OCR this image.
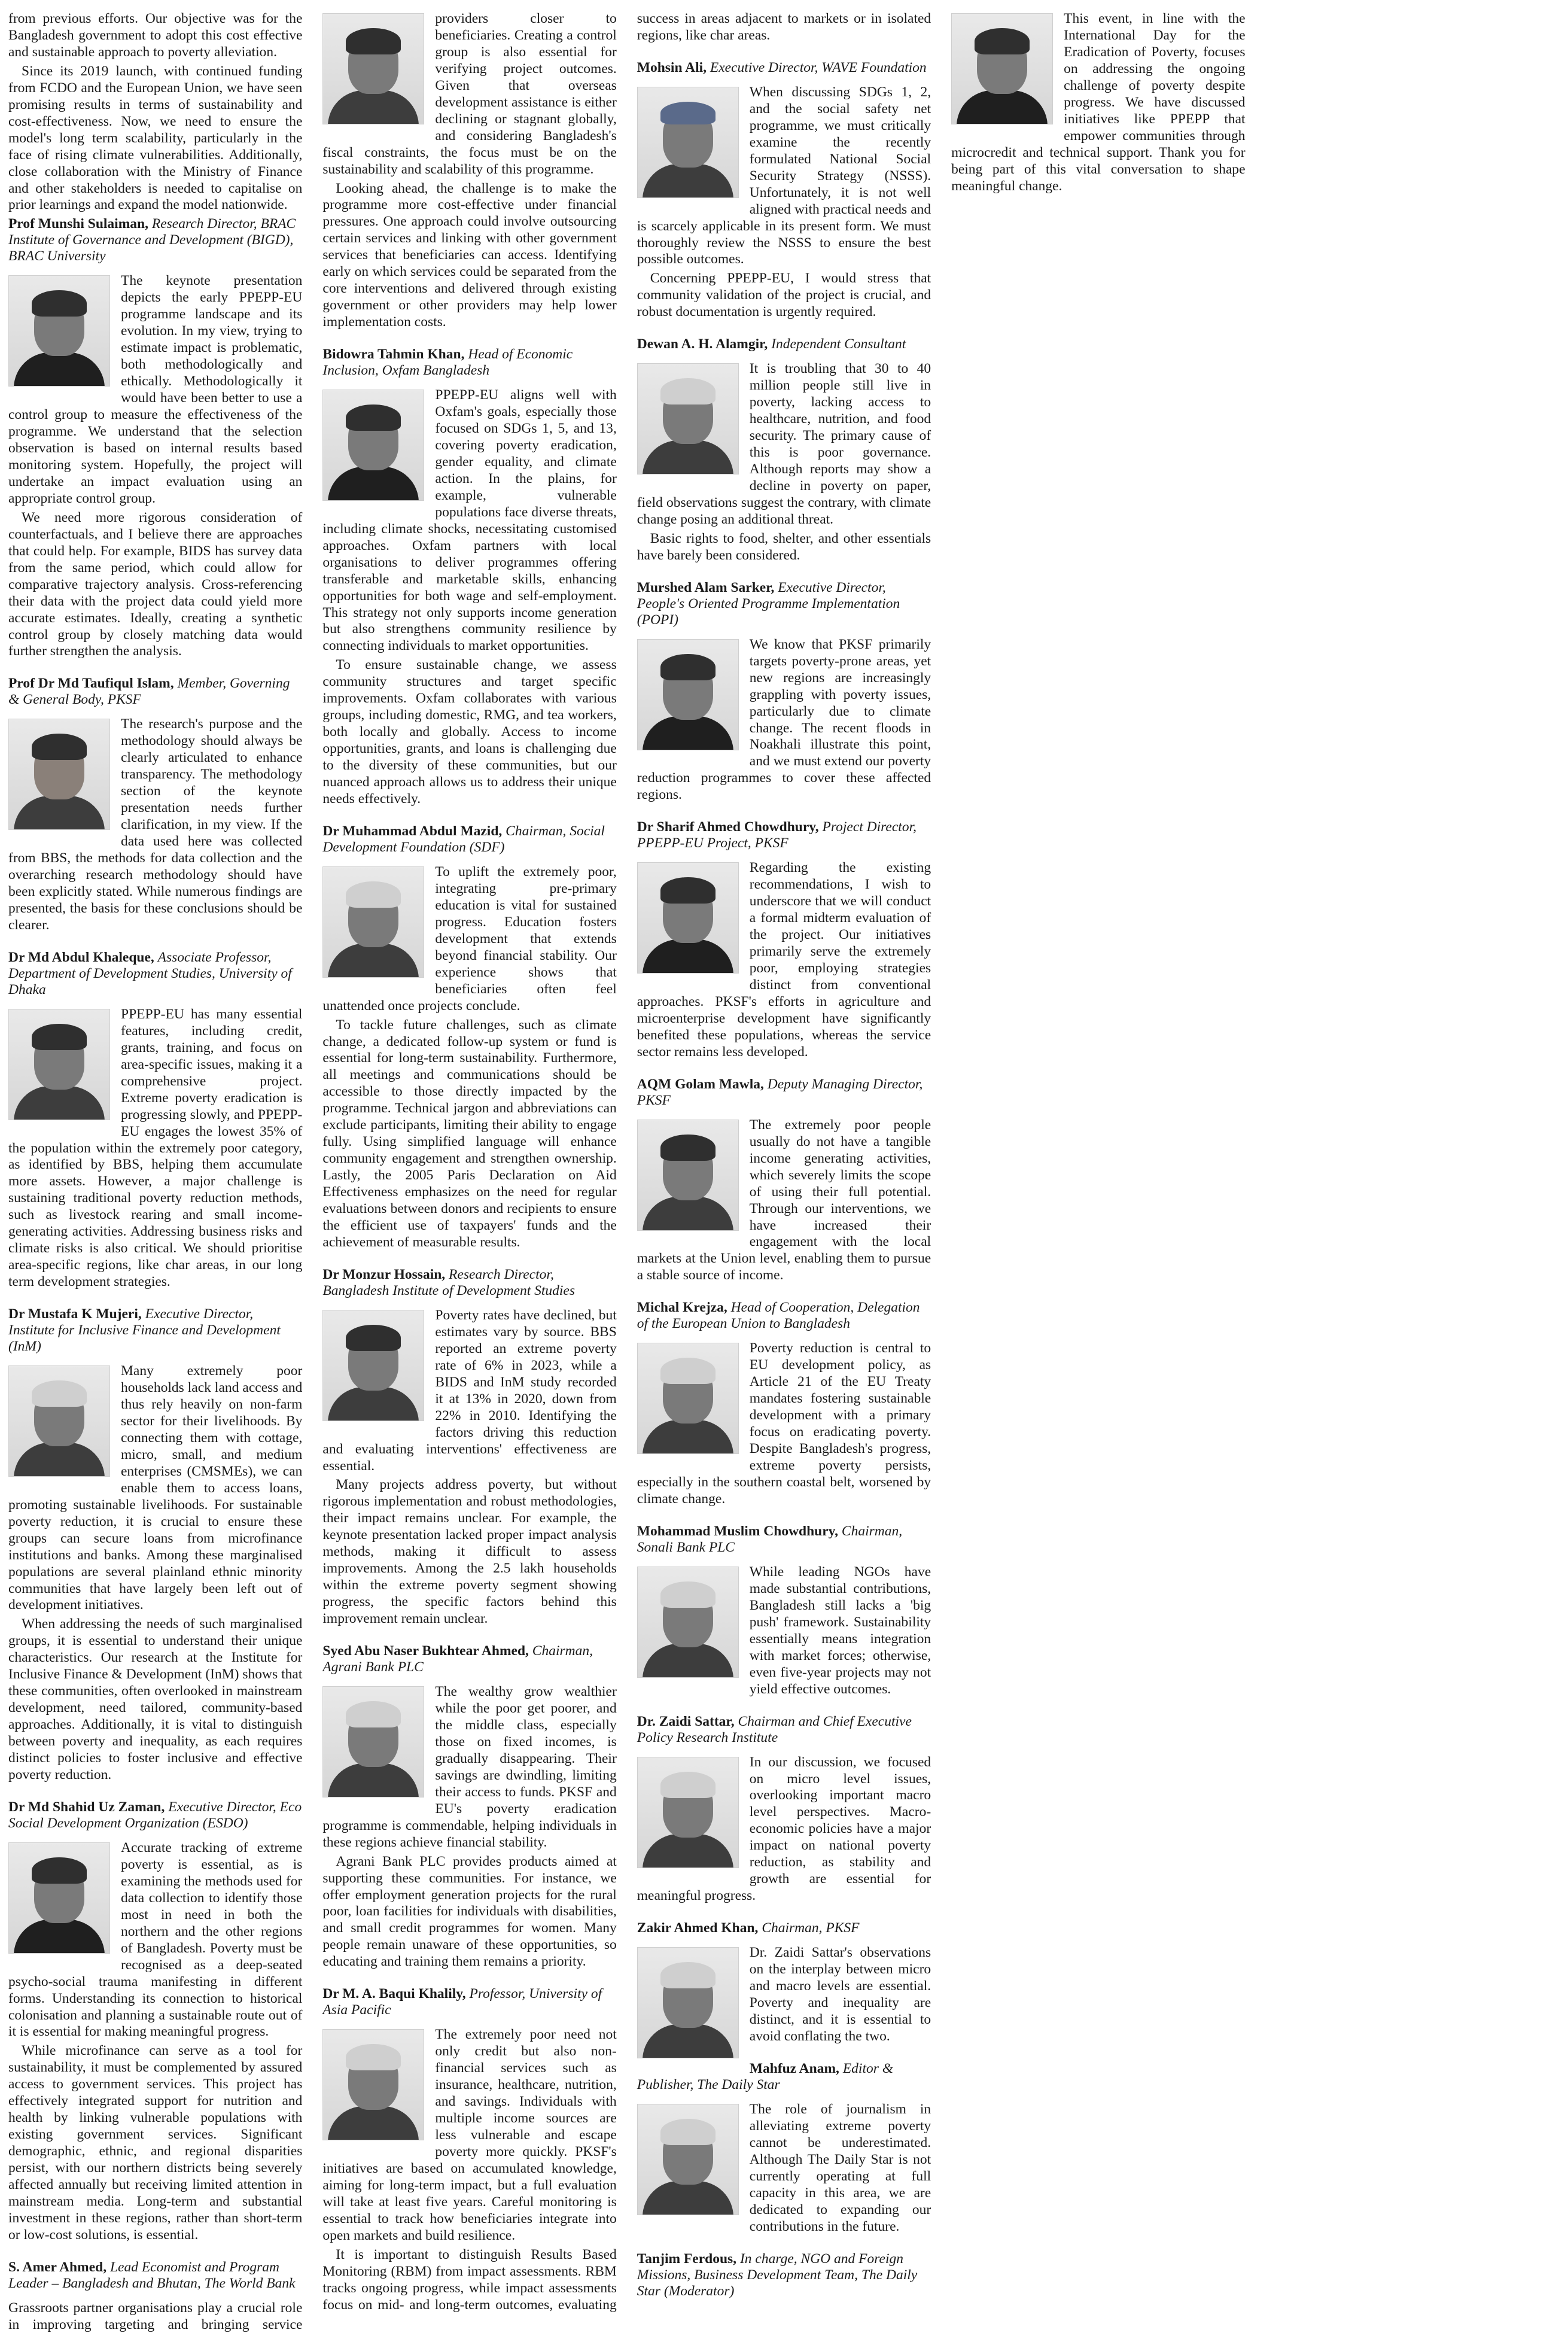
from previous efforts. Our objective was for the Bangladesh government to adopt this cost effective and sustainable approach to poverty alleviation.

Since its 2019 launch, with continued funding from FCDO and the European Union, we have seen promising results in terms of sustainability and cost-effectiveness. Now, we need to ensure the model's long term scalability, particularly in the face of rising climate vulnerabilities. Additionally, close collaboration with the Ministry of Finance and other stakeholders is needed to capitalise on prior learnings and expand the model nationwide.

Prof Munshi Sulaiman, Research Director, BRAC Institute of Governance and Development (BIGD), BRAC University

The keynote presentation depicts the early PPEPP-EU programme landscape and its evolution. In my view, trying to estimate impact is problematic, both methodologically and ethically. Methodologically it would have been better to use a control group to measure the effectiveness of the programme. We understand that the selection observation is based on internal results based monitoring system. Hopefully, the project will undertake an impact evaluation using an appropriate control group.

We need more rigorous consideration of counterfactuals, and I believe there are approaches that could help. For example, BIDS has survey data from the same period, which could allow for comparative trajectory analysis. Cross-referencing their data with the project data could yield more accurate estimates. Ideally, creating a synthetic control group by closely matching data would further strengthen the analysis.

Prof Dr Md Taufiqul Islam, Member, Governing & General Body, PKSF

The research's purpose and the methodology should always be clearly articulated to enhance transparency. The methodology section of the keynote presentation needs further clarification, in my view. If the data used here was collected from BBS, the methods for data collection and the overarching research methodology should have been explicitly stated. While numerous findings are presented, the basis for these conclusions should be clearer.

Dr Md Abdul Khaleque, Associate Professor, Department of Development Studies, University of Dhaka

PPEPP-EU has many essential features, including credit, grants, training, and focus on area-specific issues, making it a comprehensive project. Extreme poverty eradication is progressing slowly, and PPEPP-EU engages the lowest 35% of the population within the extremely poor category, as identified by BBS, helping them accumulate more assets. However, a major challenge is sustaining traditional poverty reduction methods, such as livestock rearing and small income-generating activities. Addressing business risks and climate risks is also critical. We should prioritise area-specific regions, like char areas, in our long term development strategies.

Dr Mustafa K Mujeri, Executive Director, Institute for Inclusive Finance and Development (InM)

Many extremely poor households lack land access and thus rely heavily on non-farm sector for their livelihoods. By connecting them with cottage, micro, small, and medium enterprises (CMSMEs), we can enable them to access loans, promoting sustainable livelihoods. For sustainable poverty reduction, it is crucial to ensure these groups can secure loans from microfinance institutions and banks. Among these marginalised populations are several plainland ethnic minority communities that have largely been left out of development initiatives.

When addressing the needs of such marginalised groups, it is essential to understand their unique characteristics. Our research at the Institute for Inclusive Finance & Development (InM) shows that these communities, often overlooked in mainstream development, need tailored, community-based approaches. Additionally, it is vital to distinguish between poverty and inequality, as each requires distinct policies to foster inclusive and effective poverty reduction.

Dr Md Shahid Uz Zaman, Executive Director, Eco Social Development Organization (ESDO)

Accurate tracking of extreme poverty is essential, as is examining the methods used for data collection to identify those most in need in both the northern and the other regions of Bangladesh. Poverty must be recognised as a deep-seated psycho-social trauma manifesting in different forms. Understanding its connection to historical colonisation and planning a sustainable route out of it is essential for making meaningful progress.

While microfinance can serve as a tool for sustainability, it must be complemented by assured access to government services. This project has effectively integrated support for nutrition and health by linking vulnerable populations with existing government services. Significant demographic, ethnic, and regional disparities persist, with our northern districts being severely affected annually but receiving limited attention in mainstream media. Long-term and substantial investment in these regions, rather than short-term or low-cost solutions, is essential.

S. Amer Ahmed, Lead Economist and Program Leader – Bangladesh and Bhutan, The World Bank

Grassroots partner organisations play a crucial role in improving targeting and bringing service providers closer to beneficiaries. Creating a control group is also essential for verifying project outcomes. Given that overseas development assistance is either declining or stagnant globally, and considering Bangladesh's fiscal constraints, the focus must be on the sustainability and scalability of this programme.

Looking ahead, the challenge is to make the programme more cost-effective under financial pressures. One approach could involve outsourcing certain services and linking with other government services that beneficiaries can access. Identifying early on which services could be separated from the core interventions and delivered through existing government or other providers may help lower implementation costs.

Bidowra Tahmin Khan, Head of Economic Inclusion, Oxfam Bangladesh

PPEPP-EU aligns well with Oxfam's goals, especially those focused on SDGs 1, 5, and 13, covering poverty eradication, gender equality, and climate action. In the plains, for example, vulnerable populations face diverse threats, including climate shocks, necessitating customised approaches. Oxfam partners with local organisations to deliver programmes offering transferable and marketable skills, enhancing opportunities for both wage and self-employment. This strategy not only supports income generation but also strengthens community resilience by connecting individuals to market opportunities.

To ensure sustainable change, we assess community structures and target specific improvements. Oxfam collaborates with various groups, including domestic, RMG, and tea workers, both locally and globally. Access to income opportunities, grants, and loans is challenging due to the diversity of these communities, but our nuanced approach allows us to address their unique needs effectively.

Dr Muhammad Abdul Mazid, Chairman, Social Development Foundation (SDF)

To uplift the extremely poor, integrating pre-primary education is vital for sustained progress. Education fosters development that extends beyond financial stability. Our experience shows that beneficiaries often feel unattended once projects conclude.

To tackle future challenges, such as climate change, a dedicated follow-up system or fund is essential for long-term sustainability. Furthermore, all meetings and communications should be accessible to those directly impacted by the programme. Technical jargon and abbreviations can exclude participants, limiting their ability to engage fully. Using simplified language will enhance community engagement and strengthen ownership. Lastly, the 2005 Paris Declaration on Aid Effectiveness emphasizes on the need for regular evaluations between donors and recipients to ensure the efficient use of taxpayers' funds and the achievement of measurable results.

Dr Monzur Hossain, Research Director, Bangladesh Institute of Development Studies

Poverty rates have declined, but estimates vary by source. BBS reported an extreme poverty rate of 6% in 2023, while a BIDS and InM study recorded it at 13% in 2020, down from 22% in 2010. Identifying the factors driving this reduction and evaluating interventions' effectiveness are essential.

Many projects address poverty, but without rigorous implementation and robust methodologies, their impact remains unclear. For example, the keynote presentation lacked proper impact analysis methods, making it difficult to assess improvements. Among the 2.5 lakh households within the extreme poverty segment showing progress, the specific factors behind this improvement remain unclear.

Syed Abu Naser Bukhtear Ahmed, Chairman, Agrani Bank PLC

The wealthy grow wealthier while the poor get poorer, and the middle class, especially those on fixed incomes, is gradually disappearing. Their savings are dwindling, limiting their access to funds. PKSF and EU's poverty eradication programme is commendable, helping individuals in these regions achieve financial stability.

Agrani Bank PLC provides products aimed at supporting these communities. For instance, we offer employment generation projects for the rural poor, loan facilities for individuals with disabilities, and small credit programmes for women. Many people remain unaware of these opportunities, so educating and training them remains a priority.

Dr M. A. Baqui Khalily, Professor, University of Asia Pacific

The extremely poor need not only credit but also non-financial services such as insurance, healthcare, nutrition, and savings. Individuals with multiple income sources are less vulnerable and escape poverty more quickly. PKSF's initiatives are based on accumulated knowledge, aiming for long-term impact, but a full evaluation will take at least five years. Careful monitoring is essential to track how beneficiaries integrate into open markets and build resilience.

It is important to distinguish Results Based Monitoring (RBM) from impact assessments. RBM tracks ongoing progress, while impact assessments focus on mid- and long-term outcomes, evaluating success in areas adjacent to markets or in isolated regions, like char areas.

Mohsin Ali, Executive Director, WAVE Foundation

When discussing SDGs 1, 2, and the social safety net programme, we must critically examine the recently formulated National Social Security Strategy (NSSS). Unfortunately, it is not well aligned with practical needs and is scarcely applicable in its present form. We must thoroughly review the NSSS to ensure the best possible outcomes.

Concerning PPEPP-EU, I would stress that community validation of the project is crucial, and robust documentation is urgently required.

Dewan A. H. Alamgir, Independent Consultant

It is troubling that 30 to 40 million people still live in poverty, lacking access to healthcare, nutrition, and food security. The primary cause of this is poor governance. Although reports may show a decline in poverty on paper, field observations suggest the contrary, with climate change posing an additional threat.

Basic rights to food, shelter, and other essentials have barely been considered.

Murshed Alam Sarker, Executive Director, People's Oriented Programme Implementation (POPI)

We know that PKSF primarily targets poverty-prone areas, yet new regions are increasingly grappling with poverty issues, particularly due to climate change. The recent floods in Noakhali illustrate this point, and we must extend our poverty reduction programmes to cover these affected regions.

Dr Sharif Ahmed Chowdhury, Project Director, PPEPP-EU Project, PKSF

Regarding the existing recommendations, I wish to underscore that we will conduct a formal midterm evaluation of the project. Our initiatives primarily serve the extremely poor, employing strategies distinct from conventional approaches. PKSF's efforts in agriculture and microenterprise development have significantly benefited these populations, whereas the service sector remains less developed.

AQM Golam Mawla, Deputy Managing Director, PKSF

The extremely poor people usually do not have a tangible income generating activities, which severely limits the scope of using their full potential. Through our interventions, we have increased their engagement with the local markets at the Union level, enabling them to pursue a stable source of income.

Michal Krejza, Head of Cooperation, Delegation of the European Union to Bangladesh

Poverty reduction is central to EU development policy, as Article 21 of the EU Treaty mandates fostering sustainable development with a primary focus on eradicating poverty. Despite Bangladesh's progress, extreme poverty persists, especially in the southern coastal belt, worsened by climate change.

Mohammad Muslim Chowdhury, Chairman, Sonali Bank PLC

While leading NGOs have made substantial contributions, Bangladesh still lacks a 'big push' framework. Sustainability essentially means integration with market forces; otherwise, even five-year projects may not yield effective outcomes.

Dr. Zaidi Sattar, Chairman and Chief Executive Policy Research Institute

In our discussion, we focused on micro level issues, overlooking important macro level perspectives. Macro-economic policies have a major impact on national poverty reduction, as stability and growth are essential for meaningful progress.

Zakir Ahmed Khan, Chairman, PKSF

Dr. Zaidi Sattar's observations on the interplay between micro and macro levels are essential. Poverty and inequality are distinct, and it is essential to avoid conflating the two.

Mahfuz Anam, Editor & Publisher, The Daily Star

The role of journalism in alleviating extreme poverty cannot be underestimated. Although The Daily Star is not currently operating at full capacity in this area, we are dedicated to expanding our contributions in the future.

Tanjim Ferdous, In charge, NGO and Foreign Missions, Business Development Team, The Daily Star (Moderator)

This event, in line with the International Day for the Eradication of Poverty, focuses on addressing the ongoing challenge of poverty despite progress. We have discussed initiatives like PPEPP that empower communities through microcredit and technical support. Thank you for being part of this vital conversation to shape meaningful change.
